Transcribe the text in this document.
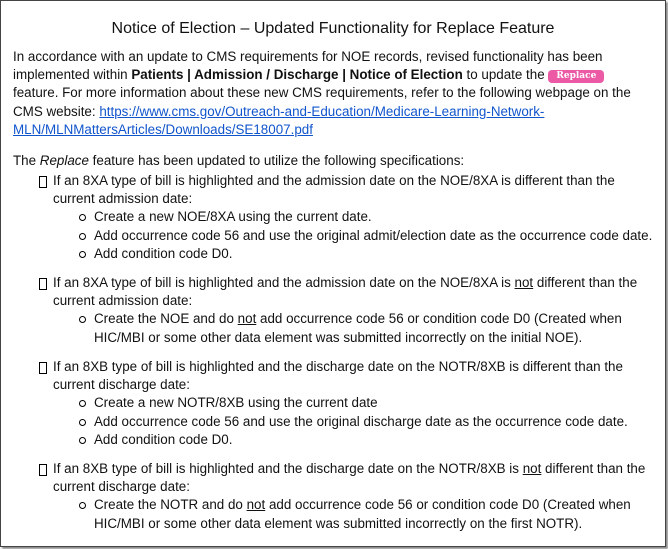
Notice of Election – Updated Functionality for Replace Feature
In accordance with an update to CMS requirements for NOE records, revised functionality has been implemented within Patients | Admission / Discharge | Notice of Election to update the Replace feature. For more information about these new CMS requirements, refer to the following webpage on the CMS website: https://www.cms.gov/Outreach-and-Education/Medicare-Learning-Network-MLN/MLNMattersArticles/Downloads/SE18007.pdf
The Replace feature has been updated to utilize the following specifications:
If an 8XA type of bill is highlighted and the admission date on the NOE/8XA is different than the current admission date:
Create a new NOE/8XA using the current date.
Add occurrence code 56 and use the original admit/election date as the occurrence code date.
Add condition code D0.
If an 8XA type of bill is highlighted and the admission date on the NOE/8XA is not different than the current admission date:
Create the NOE and do not add occurrence code 56 or condition code D0 (Created when HIC/MBI or some other data element was submitted incorrectly on the initial NOE).
If an 8XB type of bill is highlighted and the discharge date on the NOTR/8XB is different than the current discharge date:
Create a new NOTR/8XB using the current date
Add occurrence code 56 and use the original discharge date as the occurrence code date.
Add condition code D0.
If an 8XB type of bill is highlighted and the discharge date on the NOTR/8XB is not different than the current discharge date:
Create the NOTR and do not add occurrence code 56 or condition code D0 (Created when HIC/MBI or some other data element was submitted incorrectly on the first NOTR).
